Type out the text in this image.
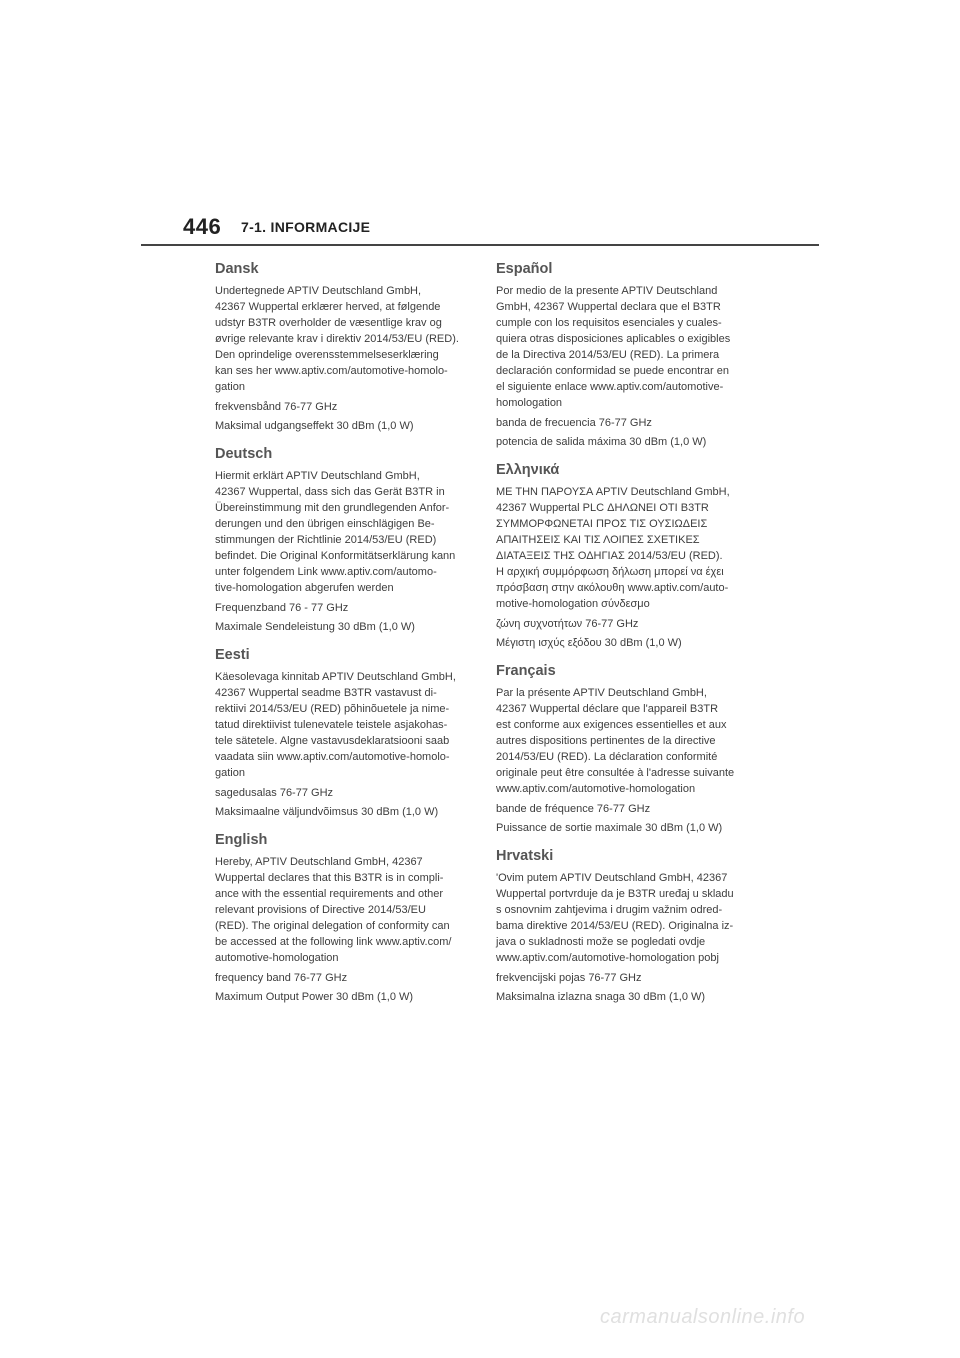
446 7-1. INFORMACIJE
Dansk
Undertegnede APTIV Deutschland GmbH,
42367 Wuppertal erklærer herved, at følgende
udstyr B3TR overholder de væsentlige krav og
øvrige relevante krav i direktiv 2014/53/EU (RED).
Den oprindelige overensstemmelseserklæring
kan ses her www.aptiv.com/automotive-homolo-
gation
frekvensbånd 76-77 GHz
Maksimal udgangseffekt 30 dBm (1,0 W)
Deutsch
Hiermit erklärt APTIV Deutschland GmbH,
42367 Wuppertal, dass sich das Gerät B3TR in
Übereinstimmung mit den grundlegenden Anfor-
derungen und den übrigen einschlägigen Be-
stimmungen der Richtlinie 2014/53/EU (RED)
befindet. Die Original Konformitätserklärung kann
unter folgendem Link www.aptiv.com/automo-
tive-homologation abgerufen werden
Frequenzband 76 - 77 GHz
Maximale Sendeleistung 30 dBm (1,0 W)
Eesti
Käesolevaga kinnitab APTIV Deutschland GmbH,
42367 Wuppertal seadme B3TR vastavust di-
rektiivi 2014/53/EU (RED) põhinõuetele ja nime-
tatud direktiivist tulenevatele teistele asjakohas-
tele sätetele. Algne vastavusdeklaratsiooni saab
vaadata siin www.aptiv.com/automotive-homolo-
gation
sagedusalas 76-77 GHz
Maksimaalne väljundvõimsus 30 dBm (1,0 W)
English
Hereby, APTIV Deutschland GmbH, 42367
Wuppertal declares that this B3TR is in compli-
ance with the essential requirements and other
relevant provisions of Directive 2014/53/EU
(RED). The original delegation of conformity can
be accessed at the following link www.aptiv.com/
automotive-homologation
frequency band 76-77 GHz
Maximum Output Power 30 dBm (1,0 W)
Español
Por medio de la presente APTIV Deutschland
GmbH, 42367 Wuppertal declara que el B3TR
cumple con los requisitos esenciales y cuales-
quiera otras disposiciones aplicables o exigibles
de la Directiva 2014/53/EU (RED). La primera
declaración conformidad se puede encontrar en
el siguiente enlace www.aptiv.com/automotive-
homologation
banda de frecuencia 76-77 GHz
potencia de salida máxima 30 dBm (1,0 W)
Ελληνικά
ΜΕ ΤΗΝ ΠΑΡΟΥΣΑ APTIV Deutschland GmbH,
42367 Wuppertal PLC ΔΗΛΩΝΕΙ ΟΤΙ B3TR
ΣΥΜΜΟΡΦΩΝΕΤΑΙ ΠΡΟΣ ΤΙΣ ΟΥΣΙΩΔΕΙΣ
ΑΠΑΙΤΗΣΕΙΣ ΚΑΙ ΤΙΣ ΛΟΙΠΕΣ ΣΧΕΤΙΚΕΣ
ΔΙΑΤΑΞΕΙΣ ΤΗΣ ΟΔΗΓΙΑΣ 2014/53/EU (RED).
Η αρχική συμμόρφωση δήλωση μπορεί να έχει
πρόσβαση στην ακόλουθη www.aptiv.com/auto-
motive-homologation σύνδεσμο
ζώνη συχνοτήτων 76-77 GHz
Μέγιστη ισχύς εξόδου 30 dBm (1,0 W)
Français
Par la présente APTIV Deutschland GmbH,
42367 Wuppertal déclare que l'appareil B3TR
est conforme aux exigences essentielles et aux
autres dispositions pertinentes de la directive
2014/53/EU (RED). La déclaration conformité
originale peut être consultée à l'adresse suivante
www.aptiv.com/automotive-homologation
bande de fréquence 76-77 GHz
Puissance de sortie maximale 30 dBm (1,0 W)
Hrvatski
'Ovim putem APTIV Deutschland GmbH, 42367
Wuppertal portvrduje da je B3TR uređaj u skladu
s osnovnim zahtjevima i drugim važnim odred-
bama direktive 2014/53/EU (RED). Originalna iz-
java o sukladnosti može se pogledati ovdje
www.aptiv.com/automotive-homologation pobj
frekvencijski pojas 76-77 GHz
Maksimalna izlazna snaga 30 dBm (1,0 W)
carmanualsonline.info
